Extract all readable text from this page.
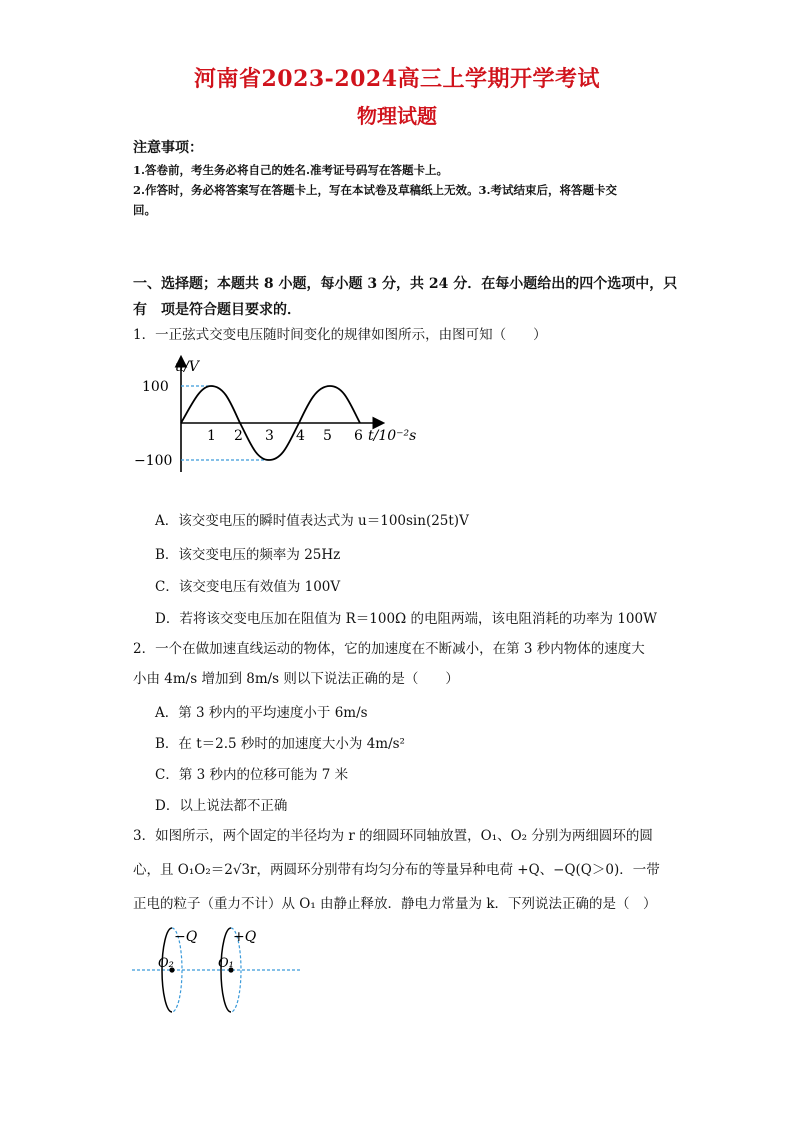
河南省2023-2024高三上学期开学考试
物理试题
注意事项：
1.答卷前，考生务必将自己的姓名.准考证号码写在答题卡上。
2.作答时，务必将答案写在答题卡上，写在本试卷及草稿纸上无效。3.考试结束后，将答题卡交
回。
一、选择题；本题共 8 小题，每小题 3 分，共 24 分．在每小题给出的四个选项中，只
有　项是符合题目要求的．
1．一正弦式交变电压随时间变化的规律如图所示，由图可知（　　）
u/V
100
−100
1 2 3 4 5 6 t/10⁻²s
A．该交变电压的瞬时值表达式为 u＝100sin(25t)V
B．该交变电压的频率为 25Hz
C．该交变电压有效值为 100V
D．若将该交变电压加在阻值为 R＝100Ω 的电阻两端，该电阻消耗的功率为 100W
2．一个在做加速直线运动的物体，它的加速度在不断减小，在第 3 秒内物体的速度大
小由 4m/s 增加到 8m/s 则以下说法正确的是（　　）
A．第 3 秒内的平均速度小于 6m/s
B．在 t＝2.5 秒时的加速度大小为 4m/s²
C．第 3 秒内的位移可能为 7 米
D．以上说法都不正确
3．如图所示，两个固定的半径均为 r 的细圆环同轴放置，O₁、O₂ 分别为两细圆环的圆
心，且 O₁O₂＝2√3r，两圆环分别带有均匀分布的等量异种电荷 +Q、−Q(Q＞0)．一带
正电的粒子（重力不计）从 O₁ 由静止释放．静电力常量为 k．下列说法正确的是（　）
−Q	+Q
O₂	O₁
